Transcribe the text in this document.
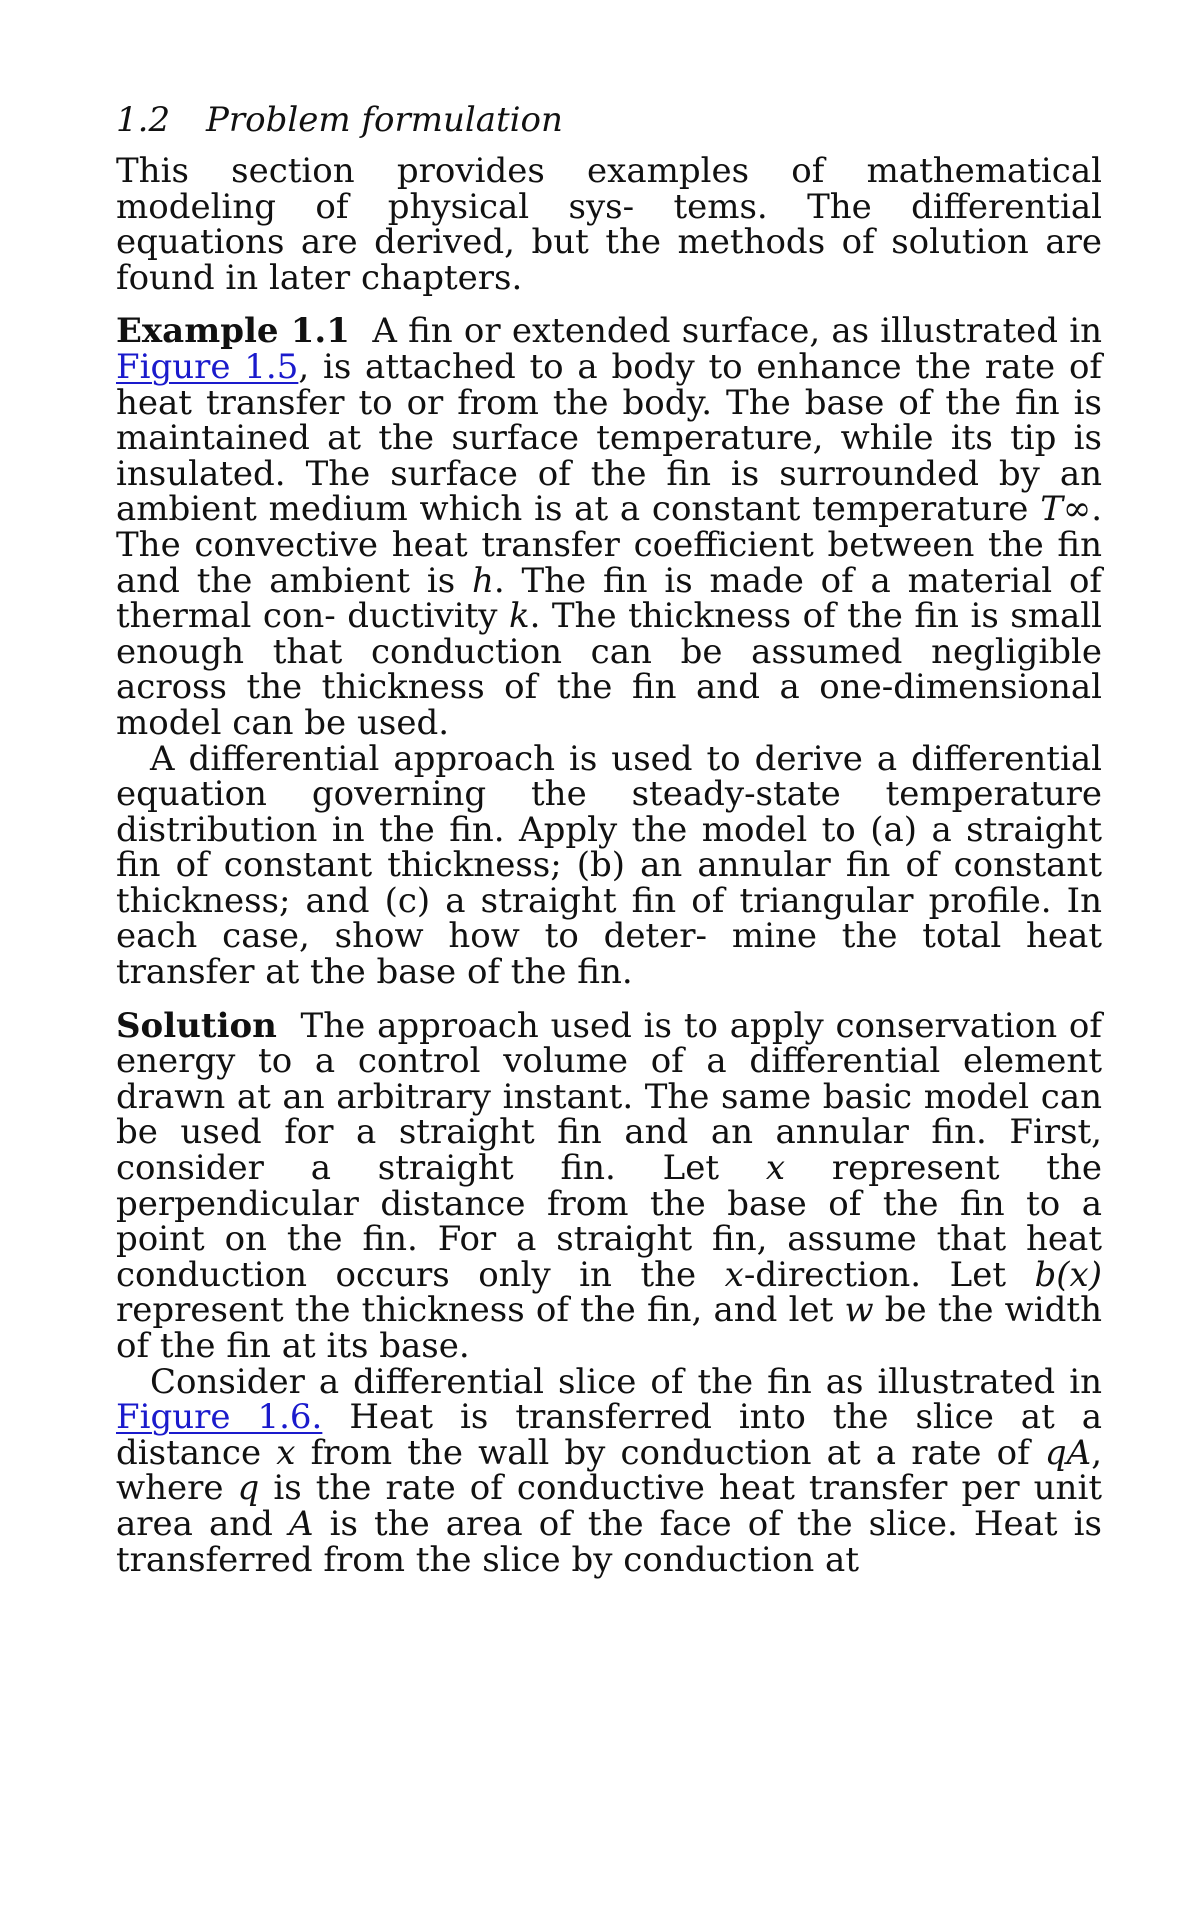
1.2 Problem formulation

This section provides examples of mathematical modeling of physical sys- tems. The differential equations are derived, but the methods of solution are found in later chapters.

Example 1.1 A fin or extended surface, as illustrated in Figure 1.5, is attached to a body to enhance the rate of heat transfer to or from the body. The base of the fin is maintained at the surface temperature, while its tip is insulated. The surface of the fin is surrounded by an ambient medium which is at a constant temperature T∞. The convective heat transfer coefficient between the fin and the ambient is h. The fin is made of a material of thermal con- ductivity k. The thickness of the fin is small enough that conduction can be assumed negligible across the thickness of the fin and a one-dimensional model can be used.

A differential approach is used to derive a differential equation governing the steady-state temperature distribution in the fin. Apply the model to (a) a straight fin of constant thickness; (b) an annular fin of constant thickness; and (c) a straight fin of triangular profile. In each case, show how to deter- mine the total heat transfer at the base of the fin.

Solution The approach used is to apply conservation of energy to a control volume of a differential element drawn at an arbitrary instant. The same basic model can be used for a straight fin and an annular fin. First, consider a straight fin. Let x represent the perpendicular distance from the base of the fin to a point on the fin. For a straight fin, assume that heat conduction occurs only in the x-direction. Let b(x) represent the thickness of the fin, and let w be the width of the fin at its base.

Consider a differential slice of the fin as illustrated in Figure 1.6. Heat is transferred into the slice at a distance x from the wall by conduction at a rate of qA, where q is the rate of conductive heat transfer per unit area and A is the area of the face of the slice. Heat is transferred from the slice by conduction at
